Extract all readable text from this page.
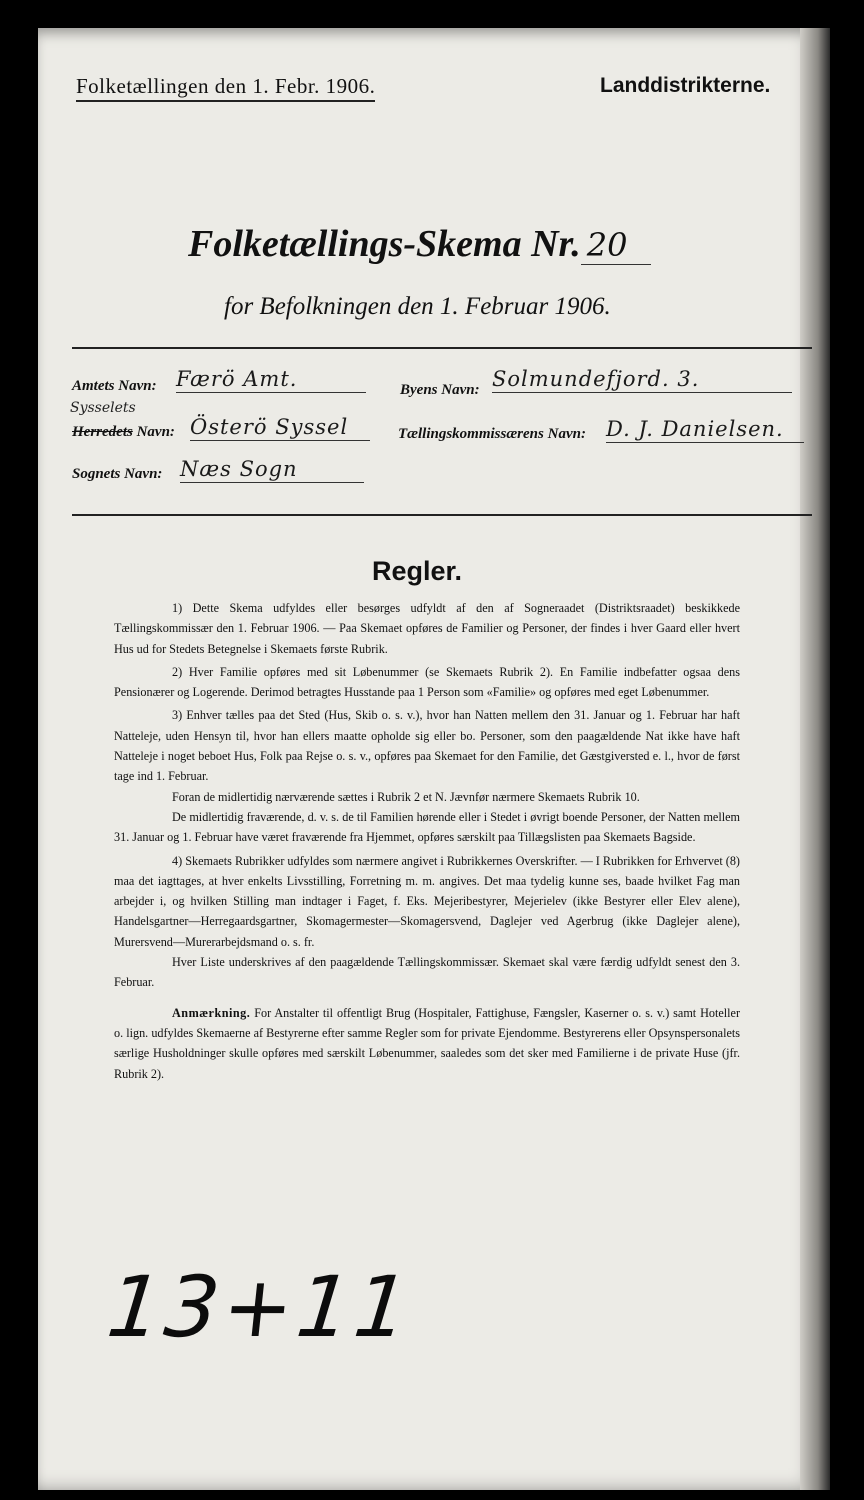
Folketællingen den 1. Febr. 1906.	Landdistrikterne.
Folketællings-Skema Nr. 20
for Befolkningen den 1. Februar 1906.
Amtets Navn: Færö Amt.
Sysselets
Herredets Navn: Österö Syssel
Sognets Navn: Næs Sogn
Byens Navn: Solmundefjord. 3.
Tællingskommissærens Navn: D. J. Danielsen.
Regler.

1) Dette Skema udfyldes eller besørges udfyldt af den af Sogneraadet (Distriktsraadet) beskikkede Tællingskommissær den 1. Februar 1906. — Paa Skemaet opføres de Familier og Personer, der findes i hver Gaard eller hvert Hus ud for Stedets Betegnelse i Skemaets første Rubrik.

2) Hver Familie opføres med sit Løbenummer (se Skemaets Rubrik 2). En Familie indbefatter ogsaa dens Pensionærer og Logerende. Derimod betragtes Husstande paa 1 Person som «Familie» og opføres med eget Løbenummer.

3) Enhver tælles paa det Sted (Hus, Skib o. s. v.), hvor han Natten mellem den 31. Januar og 1. Februar har haft Natteleje, uden Hensyn til, hvor han ellers maatte opholde sig eller bo. Personer, som den paagældende Nat ikke have haft Natteleje i noget beboet Hus, Folk paa Rejse o. s. v., opføres paa Skemaet for den Familie, det Gæstgiversted e. l., hvor de først tage ind 1. Februar.

Foran de midlertidig nærværende sættes i Rubrik 2 et N. Jævnfør nærmere Skemaets Rubrik 10.

De midlertidig fraværende, d. v. s. de til Familien hørende eller i Stedet i øvrigt boende Personer, der Natten mellem 31. Januar og 1. Februar have været fraværende fra Hjemmet, opføres særskilt paa Tillægslisten paa Skemaets Bagside.

4) Skemaets Rubrikker udfyldes som nærmere angivet i Rubrikkernes Overskrifter. — I Rubrikken for Erhvervet (8) maa det iagttages, at hver enkelts Livsstilling, Forretning m. m. angives. Det maa tydelig kunne ses, baade hvilket Fag man arbejder i, og hvilken Stilling man indtager i Faget, f. Eks. Mejeribestyrer, Mejerielev (ikke Bestyrer eller Elev alene), Handelsgartner—Herregaardsgartner, Skomagermester—Skomagersvend, Daglejer ved Agerbrug (ikke Daglejer alene), Murersvend—Murerarbejdsmand o. s. fr.

Hver Liste underskrives af den paagældende Tællingskommissær. Skemaet skal være færdig udfyldt senest den 3. Februar.

Anmærkning. For Anstalter til offentligt Brug (Hospitaler, Fattighuse, Fængsler, Kaserner o. s. v.) samt Hoteller o. lign. udfyldes Skemaerne af Bestyrerne efter samme Regler som for private Ejendomme. Bestyrerens eller Opsynspersonalets særlige Husholdninger skulle opføres med særskilt Løbenummer, saaledes som det sker med Familierne i de private Huse (jfr. Rubrik 2).

13+11
